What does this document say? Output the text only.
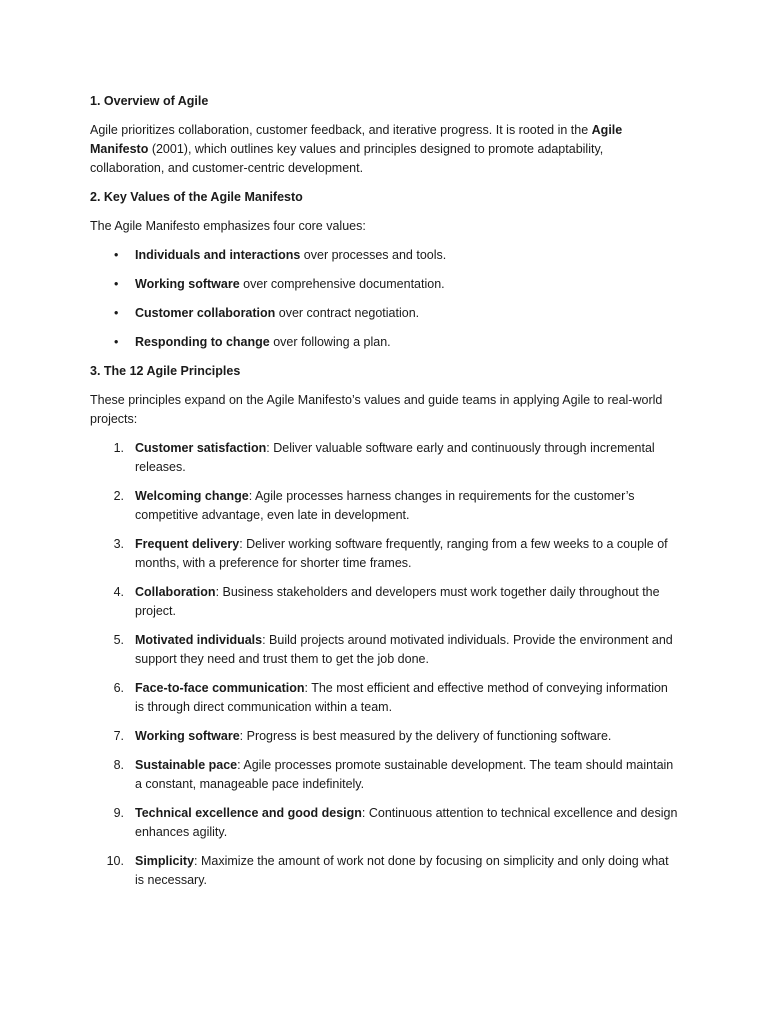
1. Overview of Agile

Agile prioritizes collaboration, customer feedback, and iterative progress. It is rooted in the Agile Manifesto (2001), which outlines key values and principles designed to promote adaptability, collaboration, and customer-centric development.

2. Key Values of the Agile Manifesto

The Agile Manifesto emphasizes four core values:

• Individuals and interactions over processes and tools.
• Working software over comprehensive documentation.
• Customer collaboration over contract negotiation.
• Responding to change over following a plan.
3. The 12 Agile Principles

These principles expand on the Agile Manifesto’s values and guide teams in applying Agile to real-world projects:

1. Customer satisfaction: Deliver valuable software early and continuously through incremental releases.
2. Welcoming change: Agile processes harness changes in requirements for the customer’s competitive advantage, even late in development.
3. Frequent delivery: Deliver working software frequently, ranging from a few weeks to a couple of months, with a preference for shorter time frames.
4. Collaboration: Business stakeholders and developers must work together daily throughout the project.
5. Motivated individuals: Build projects around motivated individuals. Provide the environment and support they need and trust them to get the job done.
6. Face-to-face communication: The most efficient and effective method of conveying information is through direct communication within a team.
7. Working software: Progress is best measured by the delivery of functioning software.
8. Sustainable pace: Agile processes promote sustainable development. The team should maintain a constant, manageable pace indefinitely.
9. Technical excellence and good design: Continuous attention to technical excellence and design enhances agility.
10. Simplicity: Maximize the amount of work not done by focusing on simplicity and only doing what is necessary.
